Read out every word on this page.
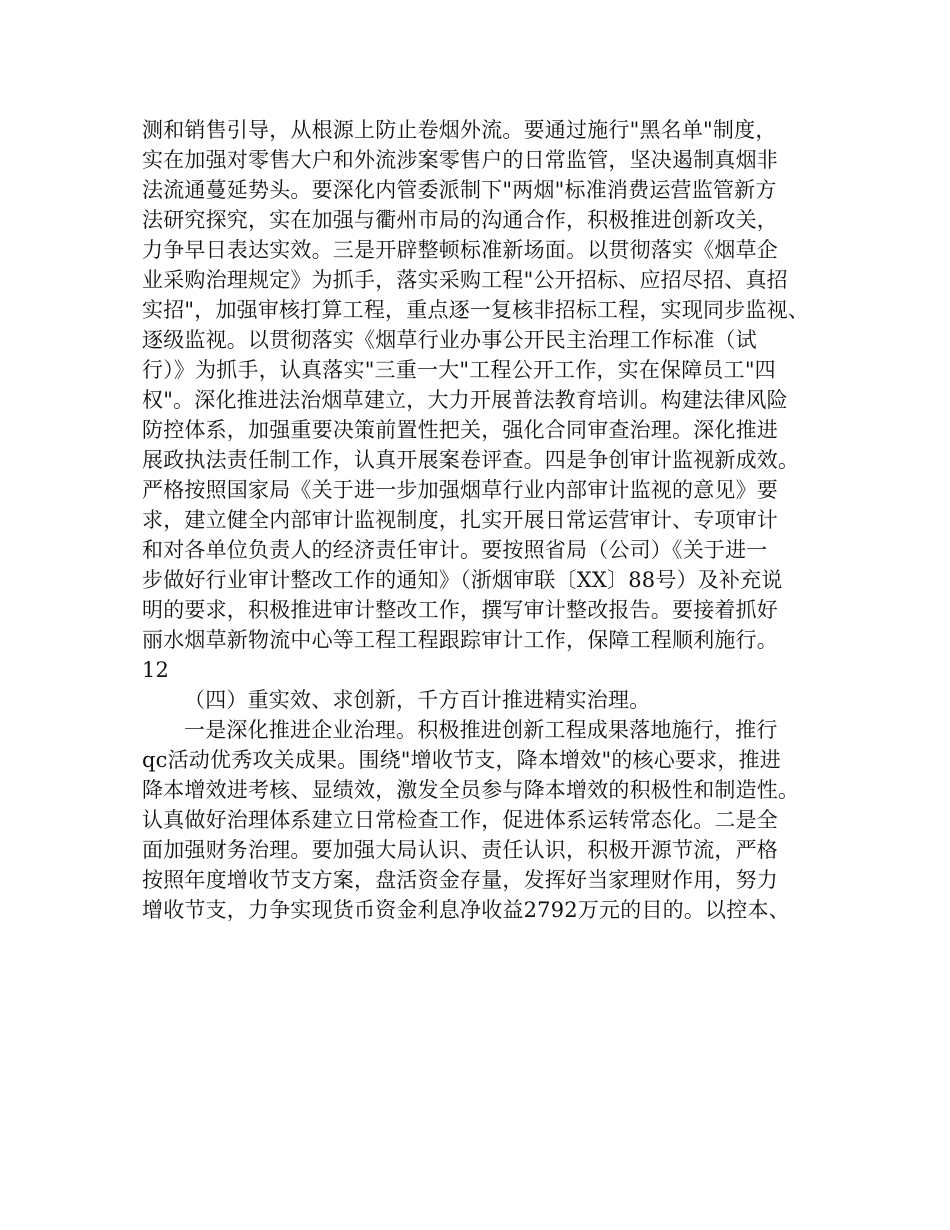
测和销售引导，从根源上防止卷烟外流。要通过施行"黑名单"制度，
实在加强对零售大户和外流涉案零售户的日常监管，坚决遏制真烟非
法流通蔓延势头。要深化内管委派制下"两烟"标准消费运营监管新方
法研究探究，实在加强与衢州市局的沟通合作，积极推进创新攻关，
力争早日表达实效。三是开辟整顿标准新场面。以贯彻落实《烟草企
业采购治理规定》为抓手，落实采购工程"公开招标、应招尽招、真招
实招"，加强审核打算工程，重点逐一复核非招标工程，实现同步监视、
逐级监视。以贯彻落实《烟草行业办事公开民主治理工作标准（试
行）》为抓手，认真落实"三重一大"工程公开工作，实在保障员工"四
权"。深化推进法治烟草建立，大力开展普法教育培训。构建法律风险
防控体系，加强重要决策前置性把关，强化合同审查治理。深化推进
展政执法责任制工作，认真开展案卷评查。四是争创审计监视新成效。
严格按照国家局《关于进一步加强烟草行业内部审计监视的意见》要
求，建立健全内部审计监视制度，扎实开展日常运营审计、专项审计
和对各单位负责人的经济责任审计。要按照省局（公司）《关于进一
步做好行业审计整改工作的通知》（浙烟审联〔XX〕88号）及补充说
明的要求，积极推进审计整改工作，撰写审计整改报告。要接着抓好
丽水烟草新物流中心等工程工程跟踪审计工作，保障工程顺利施行。
12
（四）重实效、求创新，千方百计推进精实治理。
一是深化推进企业治理。积极推进创新工程成果落地施行，推行
qc活动优秀攻关成果。围绕"增收节支，降本增效"的核心要求，推进
降本增效进考核、显绩效，激发全员参与降本增效的积极性和制造性。
认真做好治理体系建立日常检查工作，促进体系运转常态化。二是全
面加强财务治理。要加强大局认识、责任认识，积极开源节流，严格
按照年度增收节支方案，盘活资金存量，发挥好当家理财作用，努力
增收节支，力争实现货币资金利息净收益2792万元的目的。以控本、
